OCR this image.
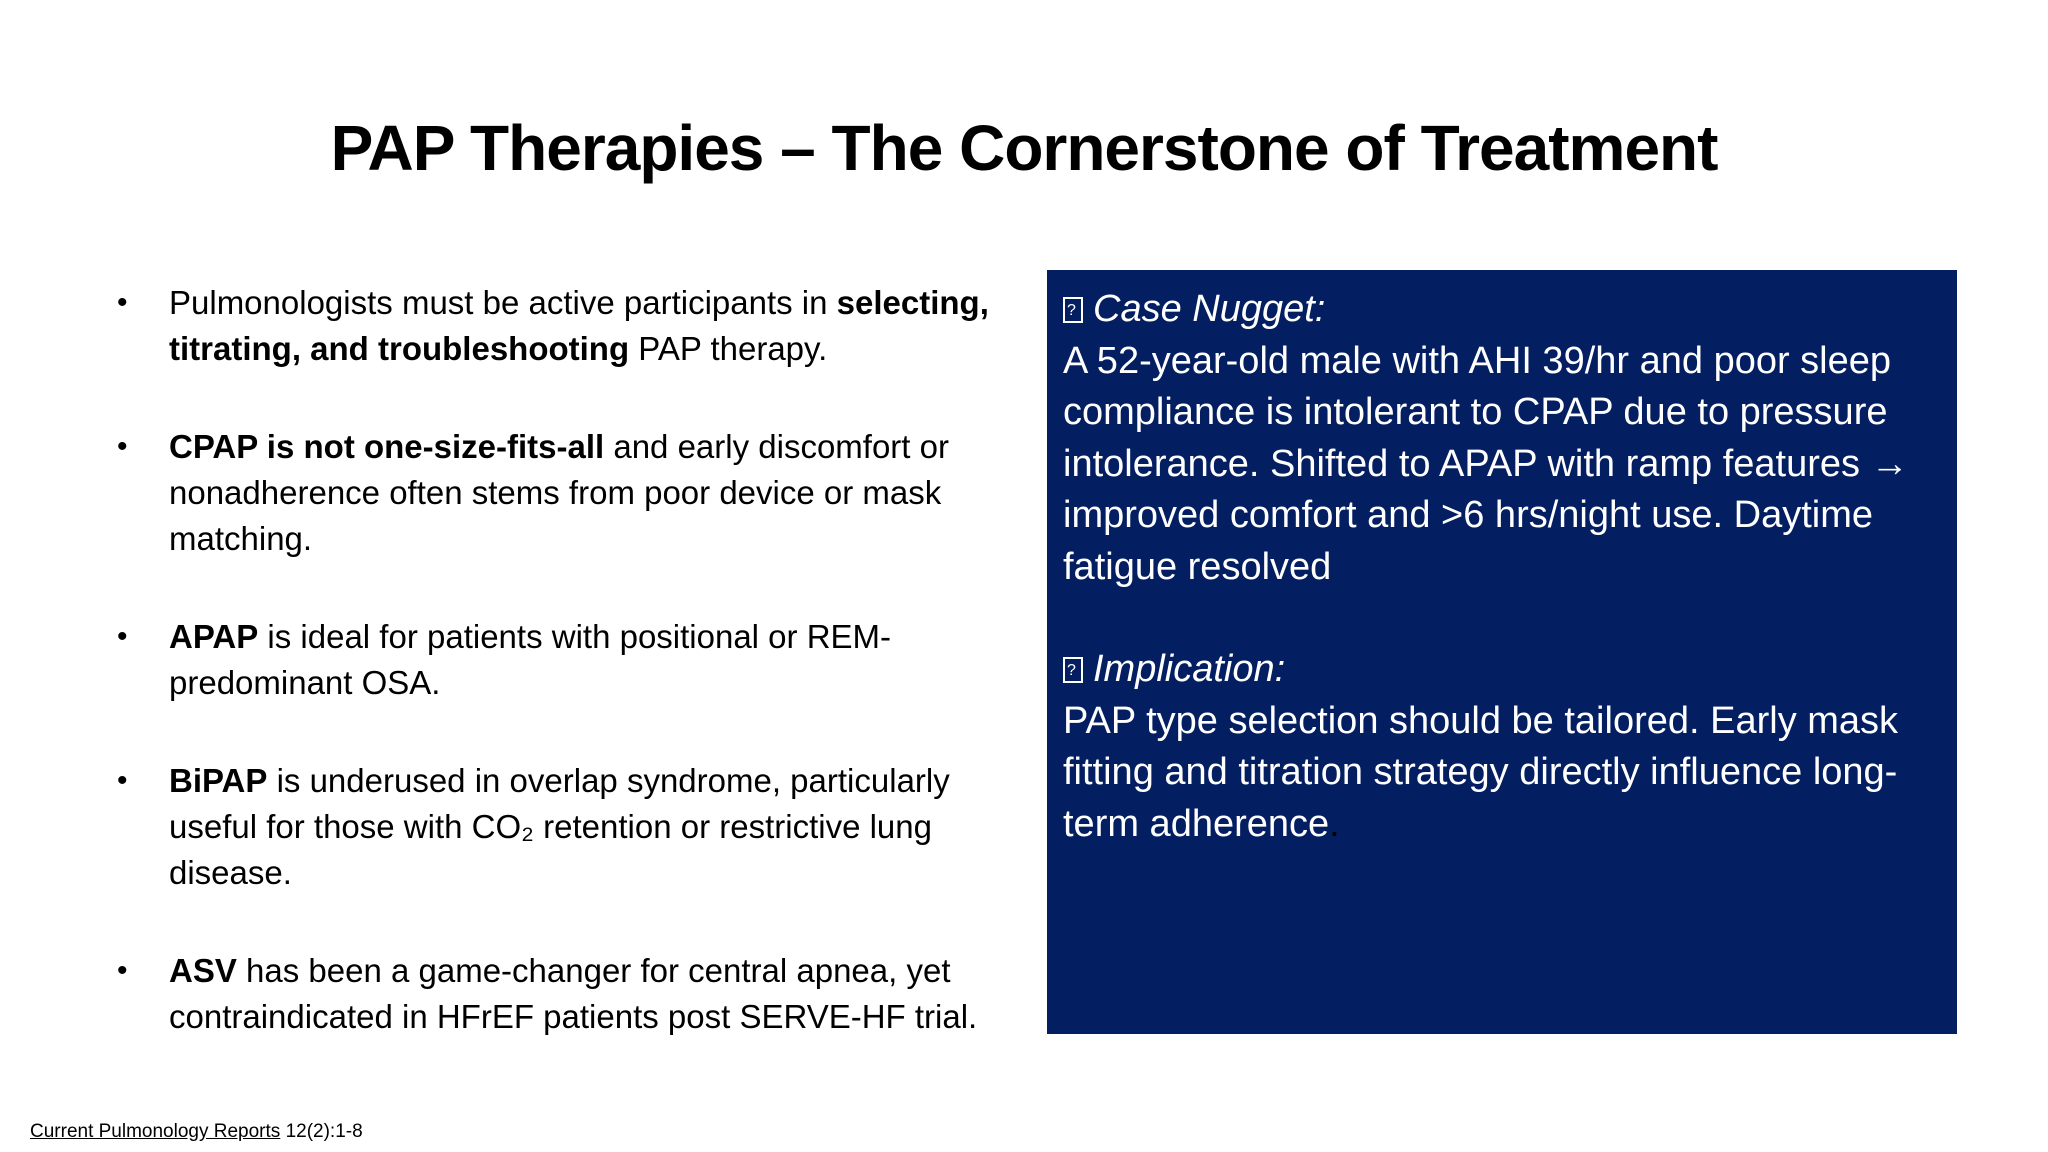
PAP Therapies – The Cornerstone of Treatment
• Pulmonologists must be active participants in selecting, titrating, and troubleshooting PAP therapy.
• CPAP is not one-size-fits-all and early discomfort or nonadherence often stems from poor device or mask matching.
• APAP is ideal for patients with positional or REM-predominant OSA.
• BiPAP is underused in overlap syndrome, particularly useful for those with CO₂ retention or restrictive lung disease.
• ASV has been a game-changer for central apnea, yet contraindicated in HFrEF patients post SERVE-HF trial.
?Case Nugget:
A 52-year-old male with AHI 39/hr and poor sleep compliance is intolerant to CPAP due to pressure intolerance. Shifted to APAP with ramp features → improved comfort and >6 hrs/night use. Daytime fatigue resolved
?Implication:
PAP type selection should be tailored. Early mask fitting and titration strategy directly influence long-term adherence.
Current Pulmonology Reports 12(2):1-8
